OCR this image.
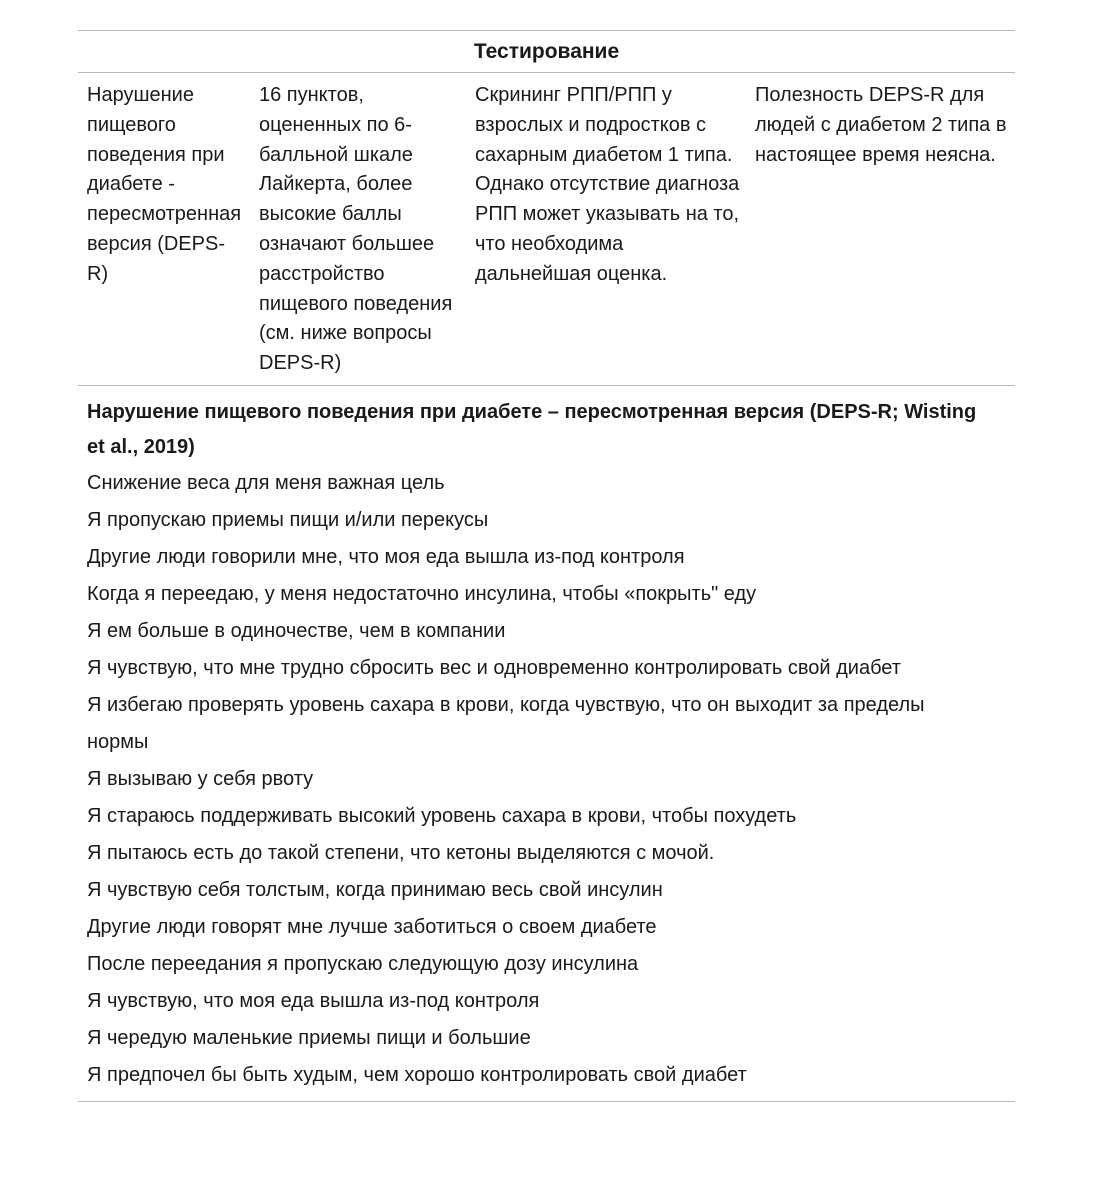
Тестирование
Нарушение пищевого поведения при диабете - пересмотренная версия (DEPS-R)
16 пунктов, оцененных по 6-балльной шкале Лайкерта, более высокие баллы означают большее расстройство пищевого поведения (см. ниже вопросы DEPS-R)
Скрининг РПП/РПП у взрослых и подростков с сахарным диабетом 1 типа. Однако отсутствие диагноза РПП может указывать на то, что необходима дальнейшая оценка.
Полезность DEPS-R для людей с диабетом 2 типа в настоящее время неясна.

Нарушение пищевого поведения при диабете – пересмотренная версия (DEPS-R; Wisting et al., 2019)

Снижение веса для меня важная цель
Я пропускаю приемы пищи и/или перекусы
Другие люди говорили мне, что моя еда вышла из-под контроля
Когда я переедаю, у меня недостаточно инсулина, чтобы «покрыть" еду
Я ем больше в одиночестве, чем в компании
Я чувствую, что мне трудно сбросить вес и одновременно контролировать свой диабет
Я избегаю проверять уровень сахара в крови, когда чувствую, что он выходит за пределы нормы
Я вызываю у себя рвоту
Я стараюсь поддерживать высокий уровень сахара в крови, чтобы похудеть
Я пытаюсь есть до такой степени, что кетоны выделяются с мочой.
Я чувствую себя толстым, когда принимаю весь свой инсулин
Другие люди говорят мне лучше заботиться о своем диабете
После переедания я пропускаю следующую дозу инсулина
Я чувствую, что моя еда вышла из-под контроля
Я чередую маленькие приемы пищи и большие
Я предпочел бы быть худым, чем хорошо контролировать свой диабет
